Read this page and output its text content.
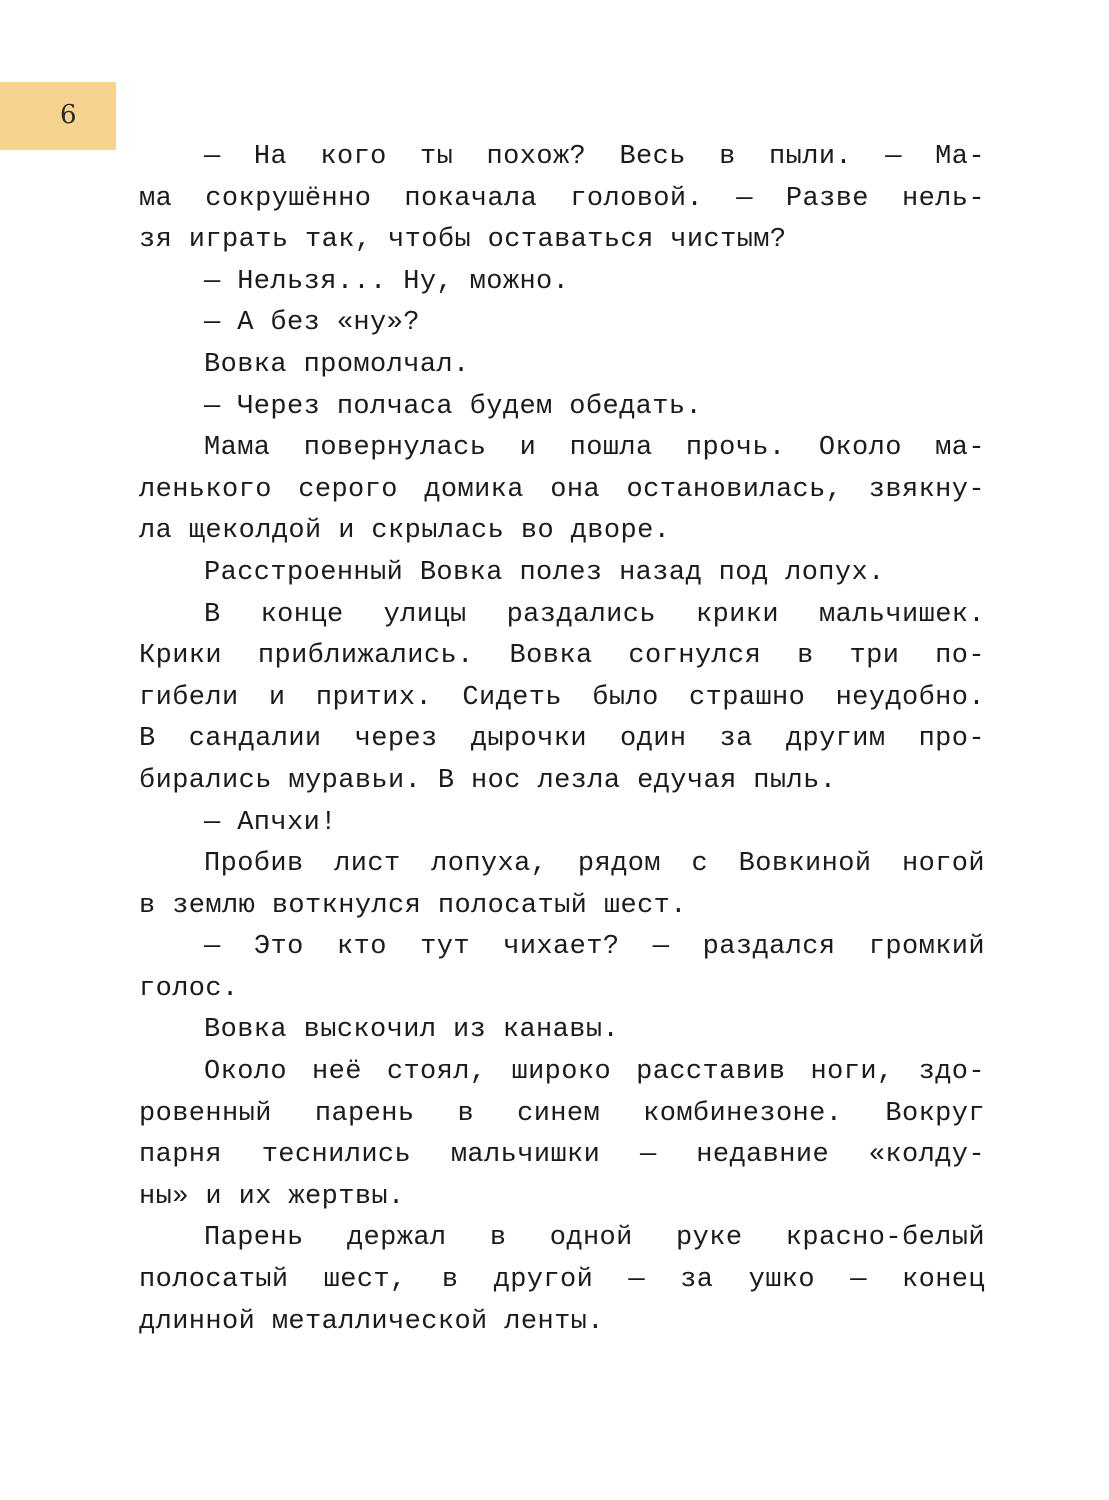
6
— На кого ты похож? Весь в пыли. — Ма-
ма сокрушённо покачала головой. — Разве нель-
зя играть так, чтобы оставаться чистым?
— Нельзя... Ну, можно.
— А без «ну»?
Вовка промолчал.
— Через полчаса будем обедать.
Мама повернулась и пошла прочь. Около ма-
ленького серого домика она остановилась, звякну-
ла щеколдой и скрылась во дворе.
Расстроенный Вовка полез назад под лопух.
В конце улицы раздались крики мальчишек.
Крики приближались. Вовка согнулся в три по-
гибели и притих. Сидеть было страшно неудобно.
В сандалии через дырочки один за другим про-
бирались муравьи. В нос лезла едучая пыль.
— Апчхи!
Пробив лист лопуха, рядом с Вовкиной ногой
в землю воткнулся полосатый шест.
— Это кто тут чихает? — раздался громкий
голос.
Вовка выскочил из канавы.
Около неё стоял, широко расставив ноги, здо-
ровенный парень в синем комбинезоне. Вокруг
парня теснились мальчишки — недавние «колду-
ны» и их жертвы.
Парень держал в одной руке красно-белый
полосатый шест, в другой — за ушко — конец
длинной металлической ленты.
